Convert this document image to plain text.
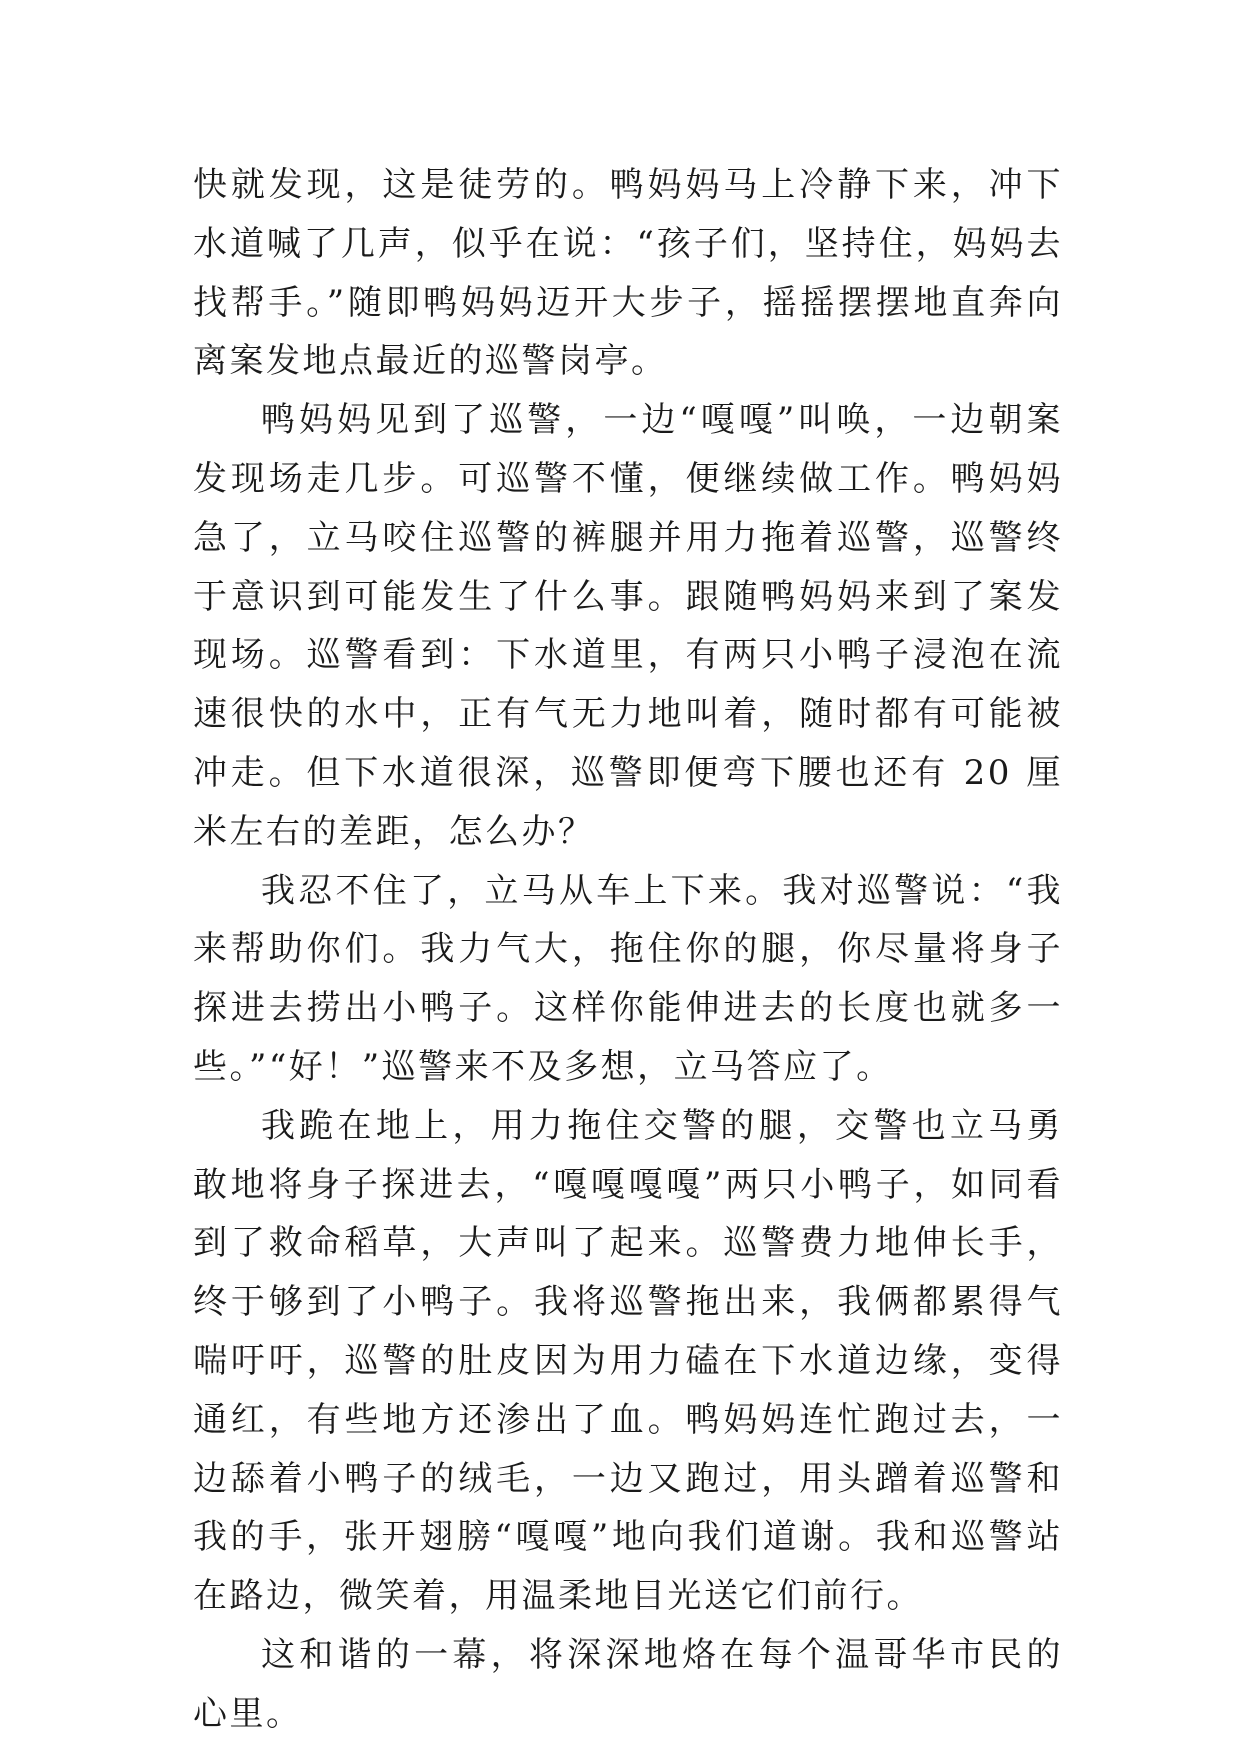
快就发现，这是徒劳的。鸭妈妈马上冷静下来，冲下水道喊了几声，似乎在说：“孩子们，坚持住，妈妈去找帮手。”随即鸭妈妈迈开大步子，摇摇摆摆地直奔向离案发地点最近的巡警岗亭。

鸭妈妈见到了巡警，一边“嘎嘎”叫唤，一边朝案发现场走几步。可巡警不懂，便继续做工作。鸭妈妈急了，立马咬住巡警的裤腿并用力拖着巡警，巡警终于意识到可能发生了什么事。跟随鸭妈妈来到了案发现场。巡警看到：下水道里，有两只小鸭子浸泡在流速很快的水中，正有气无力地叫着，随时都有可能被冲走。但下水道很深，巡警即便弯下腰也还有 20 厘米左右的差距，怎么办？

我忍不住了，立马从车上下来。我对巡警说：“我来帮助你们。我力气大，拖住你的腿，你尽量将身子探进去捞出小鸭子。这样你能伸进去的长度也就多一些。”“好！”巡警来不及多想，立马答应了。

我跪在地上，用力拖住交警的腿，交警也立马勇敢地将身子探进去，“嘎嘎嘎嘎”两只小鸭子，如同看到了救命稻草，大声叫了起来。巡警费力地伸长手，终于够到了小鸭子。我将巡警拖出来，我俩都累得气喘吁吁，巡警的肚皮因为用力磕在下水道边缘，变得通红，有些地方还渗出了血。鸭妈妈连忙跑过去，一边舔着小鸭子的绒毛，一边又跑过，用头蹭着巡警和我的手，张开翅膀“嘎嘎”地向我们道谢。我和巡警站在路边，微笑着，用温柔地目光送它们前行。

这和谐的一幕，将深深地烙在每个温哥华市民的心里。
